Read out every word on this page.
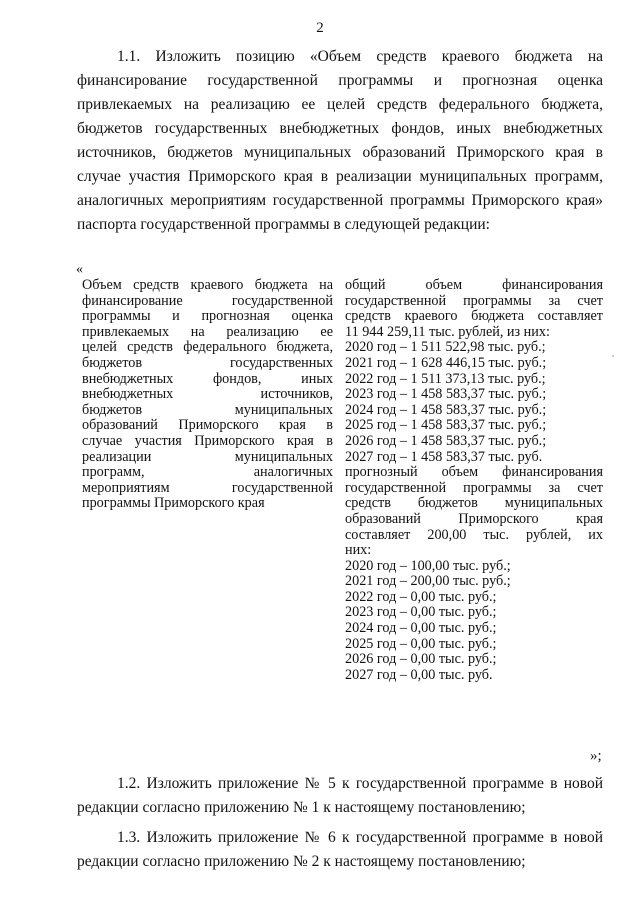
2
1.1. Изложить позицию «Объем средств краевого бюджета на
финансирование государственной программы и прогнозная оценка
привлекаемых на реализацию ее целей средств федерального бюджета,
бюджетов государственных внебюджетных фондов, иных внебюджетных
источников, бюджетов муниципальных образований Приморского края в
случае участия Приморского края в реализации муниципальных программ,
аналогичных мероприятиям государственной программы Приморского края»
паспорта государственной программы в следующей редакции:
«
Объем средств краевого бюджета на
финансирование государственной
программы и прогнозная оценка
привлекаемых на реализацию ее
целей средств федерального бюджета,
бюджетов государственных
внебюджетных фондов, иных
внебюджетных источников,
бюджетов муниципальных
образований Приморского края в
случае участия Приморского края в
реализации муниципальных
программ, аналогичных
мероприятиям государственной
программы Приморского края
общий объем финансирования
государственной программы за счет
средств краевого бюджета составляет
11 944 259,11 тыс. рублей, из них:
2020 год – 1 511 522,98 тыс. руб.;
2021 год – 1 628 446,15 тыс. руб.;
2022 год – 1 511 373,13 тыс. руб.;
2023 год – 1 458 583,37 тыс. руб.;
2024 год – 1 458 583,37 тыс. руб.;
2025 год – 1 458 583,37 тыс. руб.;
2026 год – 1 458 583,37 тыс. руб.;
2027 год – 1 458 583,37 тыс. руб.
прогнозный объем финансирования
государственной программы за счет
средств бюджетов муниципальных
образований Приморского края
составляет 200,00 тыс. рублей, их
них:
2020 год – 100,00 тыс. руб.;
2021 год – 200,00 тыс. руб.;
2022 год – 0,00 тыс. руб.;
2023 год – 0,00 тыс. руб.;
2024 год – 0,00 тыс. руб.;
2025 год – 0,00 тыс. руб.;
2026 год – 0,00 тыс. руб.;
2027 год – 0,00 тыс. руб.
»;
1.2. Изложить приложение № 5 к государственной программе в новой
редакции согласно приложению № 1 к настоящему постановлению;
1.3. Изложить приложение № 6 к государственной программе в новой
редакции согласно приложению № 2 к настоящему постановлению;
